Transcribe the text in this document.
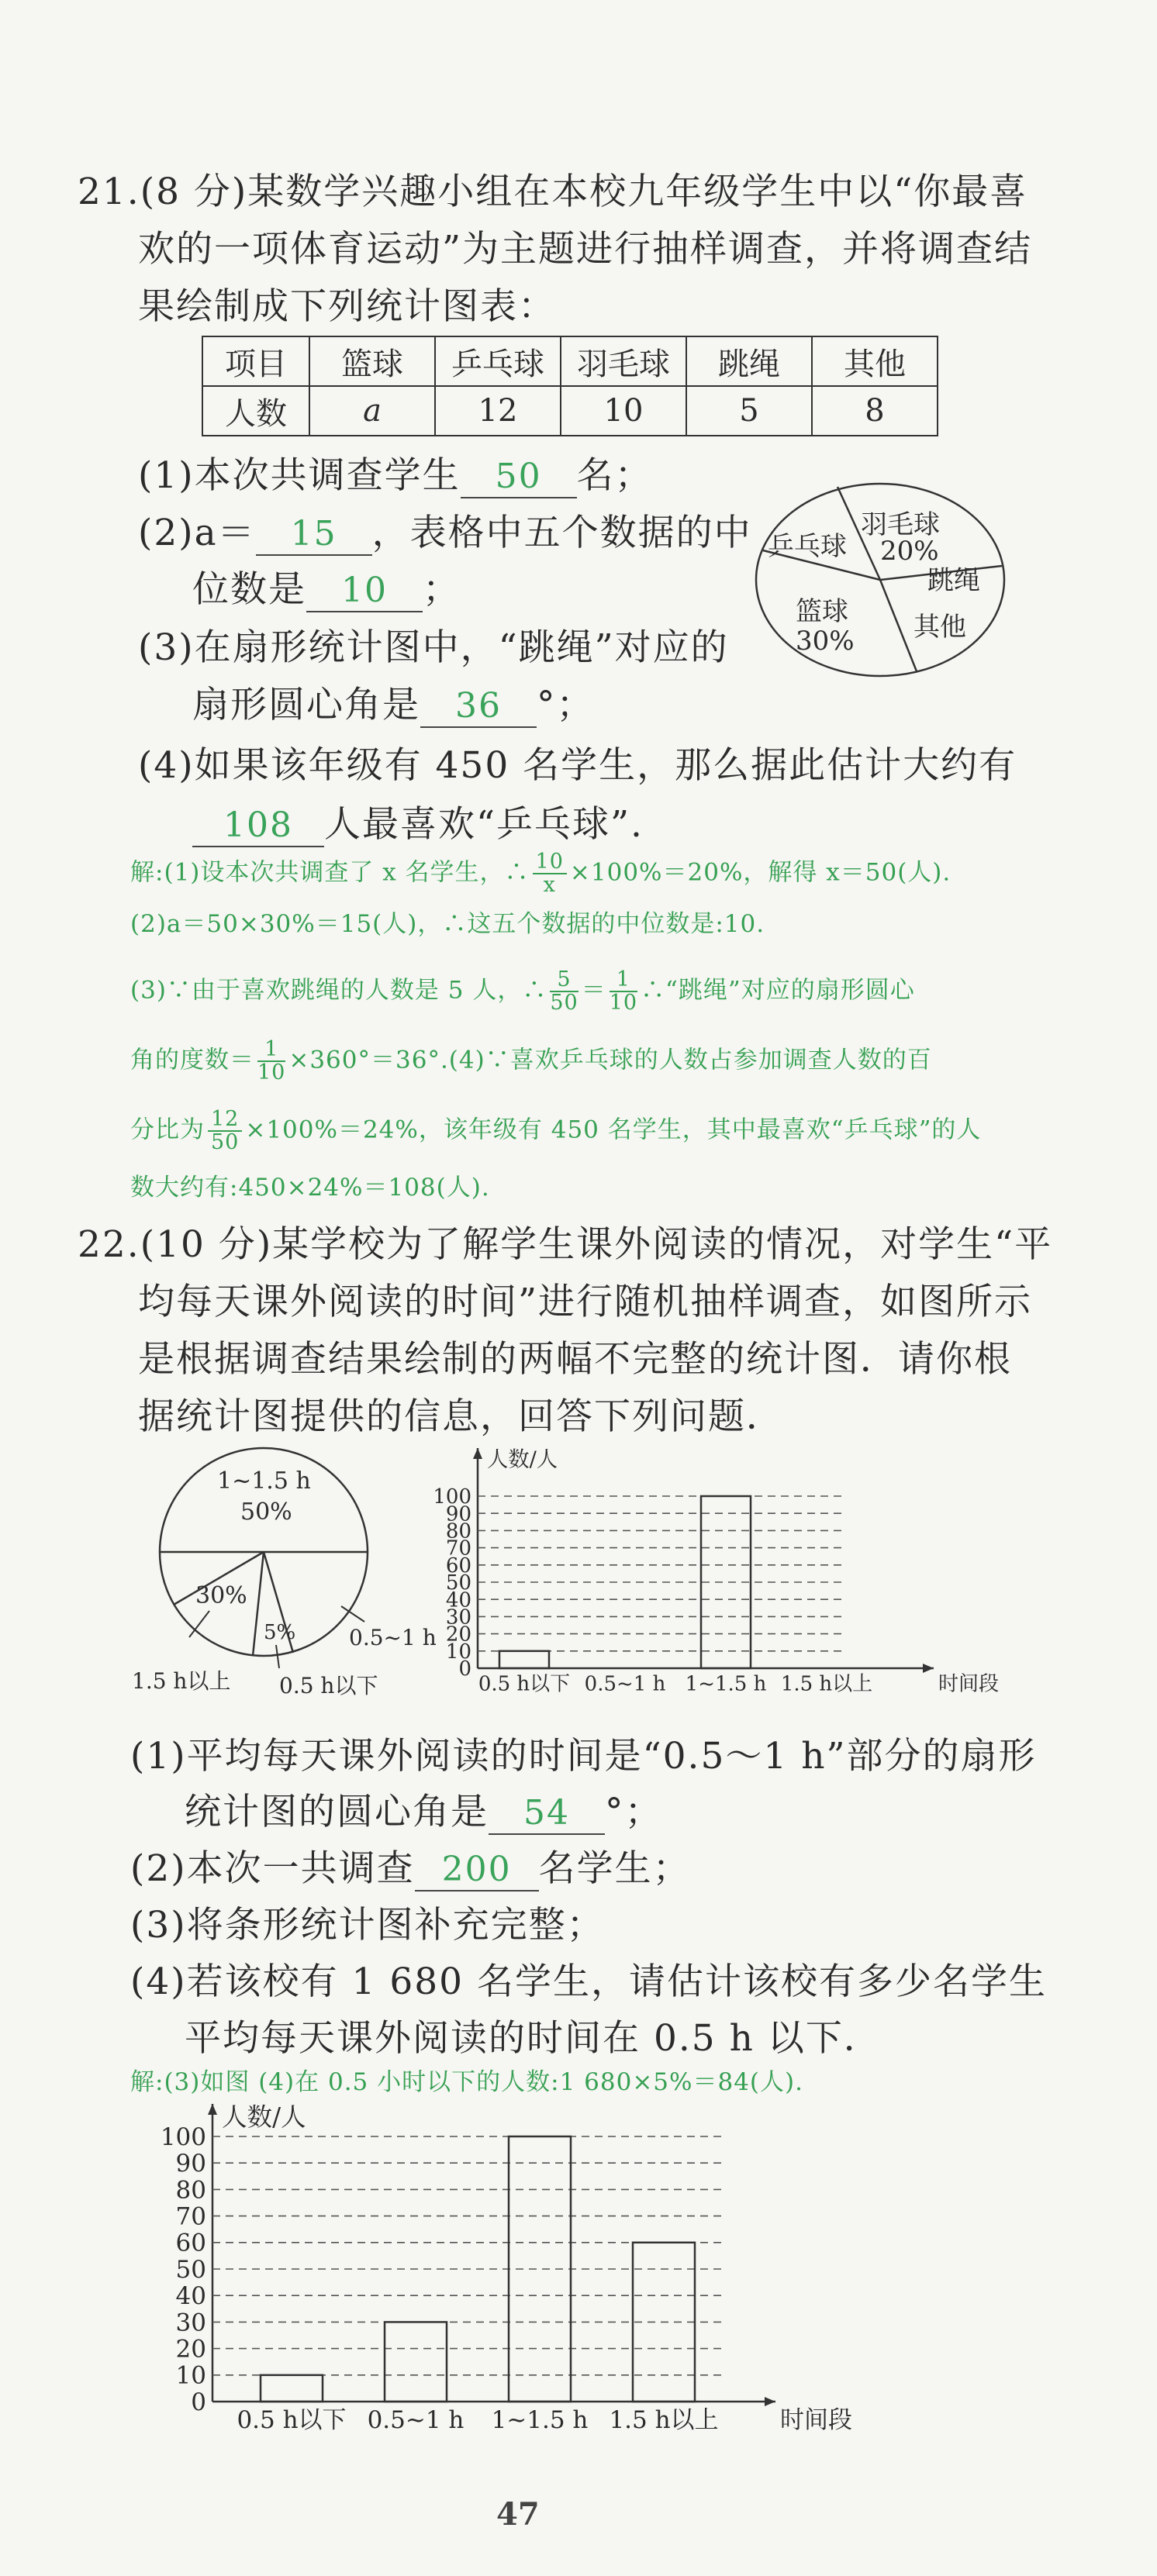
21.(8 分)某数学兴趣小组在本校九年级学生中以“你最喜
欢的一项体育运动”为主题进行抽样调查，并将调查结
果绘制成下列统计图表：
项目	篮球	乒乓球	羽毛球	跳绳	其他
人数	a	12	10	5	8
(1)本次共调查学生 50 名；
(2)a＝ 15 ，表格中五个数据的中
位数是 10 ；
(3)在扇形统计图中，“跳绳”对应的
扇形圆心角是 36 °；
(4)如果该年级有 450 名学生，那么据此估计大约有
108 人最喜欢“乒乓球”.
羽毛球
20%
乒乓球
跳绳
篮球
30% 其他
解:(1)设本次共调查了 x 名学生，∴ $\frac{10}{x} \times 100\%=20\%$，解得 x＝50(人).
(2)a＝50×30%＝15(人)，∴这五个数据的中位数是:10.
(3)∵由于喜欢跳绳的人数是 5 人，∴ $\frac{5}{50} = \frac{1}{10}$ ∴“跳绳”对应的扇形圆心
角的度数＝ $\frac{1}{10}$ ×360°＝36°.(4)∵喜欢乒乓球的人数占参加调查人数的百
分比为 $\frac{12}{50} \times 100\%=24\%$，该年级有 450 名学生，其中最喜欢“乒乓球”的人
数大约有:450×24%＝108(人).
22.(10 分)某学校为了解学生课外阅读的情况，对学生“平
均每天课外阅读的时间”进行随机抽样调查，如图所示
是根据调查结果绘制的两幅不完整的统计图．请你根
据统计图提供的信息，回答下列问题．
1~1.5 h
50%
30%
5% 0.5~1 h
1.5 h以上 0.5 h以下
0
10
20
30
40
50
60
70
80
90
100
0.5 h以下 0.5~1 h 1~1.5 h 1.5 h以上
人数/人
时间段
(1)平均每天课外阅读的时间是“0.5～1 h”部分的扇形
统计图的圆心角是 54 °；
(2)本次一共调查 200 名学生；
(3)将条形统计图补充完整；
(4)若该校有 1 680 名学生，请估计该校有多少名学生
平均每天课外阅读的时间在 0.5 h 以下．
解:(3)如图 (4)在 0.5 小时以下的人数:1 680×5%＝84(人).
0
10
20
30
40
50
60
70
80
90
100
0.5 h以下 0.5~1 h 1~1.5 h 1.5 h以上
人数/人
时间段
47
